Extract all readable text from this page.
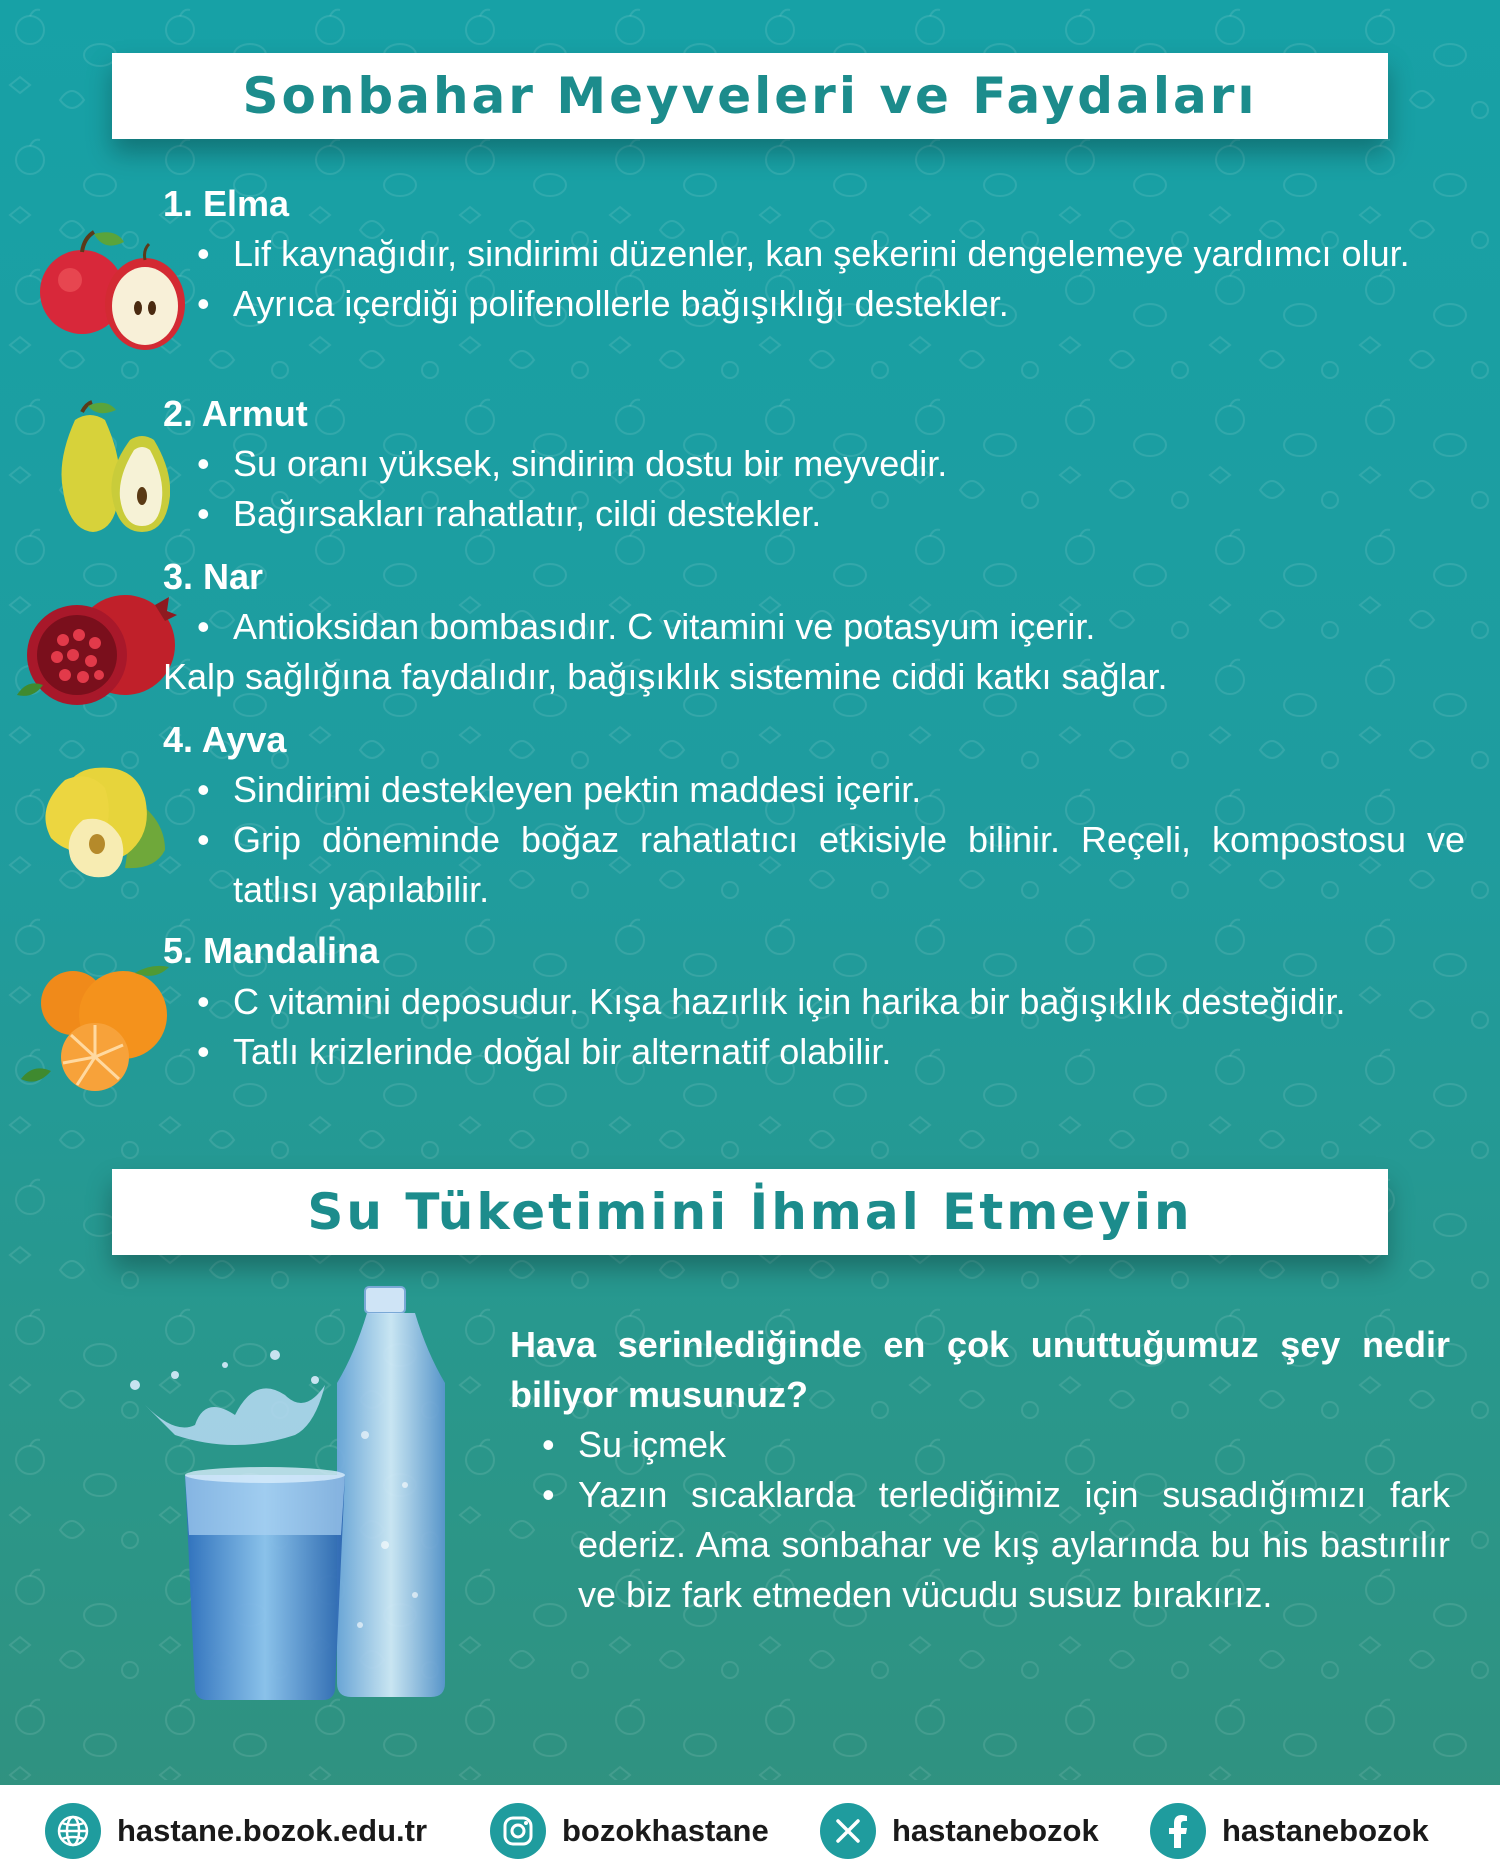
Sonbahar Meyveleri ve Faydaları
1. Elma
• Lif kaynağıdır, sindirimi düzenler, kan şekerini dengelemeye yardımcı olur.
• Ayrıca içerdiği polifenollerle bağışıklığı destekler.
2. Armut
• Su oranı yüksek, sindirim dostu bir meyvedir.
• Bağırsakları rahatlatır, cildi destekler.
3. Nar
• Antioksidan bombasıdır. C vitamini ve potasyum içerir.

Kalp sağlığına faydalıdır, bağışıklık sistemine ciddi katkı sağlar.

4. Ayva
• Sindirimi destekleyen pektin maddesi içerir.
• Grip döneminde boğaz rahatlatıcı etkisiyle bilinir. Reçeli, kompostosu ve tatlısı yapılabilir.
5. Mandalina
• C vitamini deposudur. Kışa hazırlık için harika bir bağışıklık desteğidir.
• Tatlı krizlerinde doğal bir alternatif olabilir.
Su Tüketimini İhmal Etmeyin

Hava serinlediğinde en çok unuttuğumuz şey nedir biliyor musunuz?

• Su içmek
• Yazın sıcaklarda terlediğimiz için susadığımızı fark ederiz. Ama sonbahar ve kış aylarında bu his bastırılır ve biz fark etmeden vücudu susuz bırakırız.
hastane.bozok.edu.tr	bozokhastane	hastanebozok	hastanebozok
